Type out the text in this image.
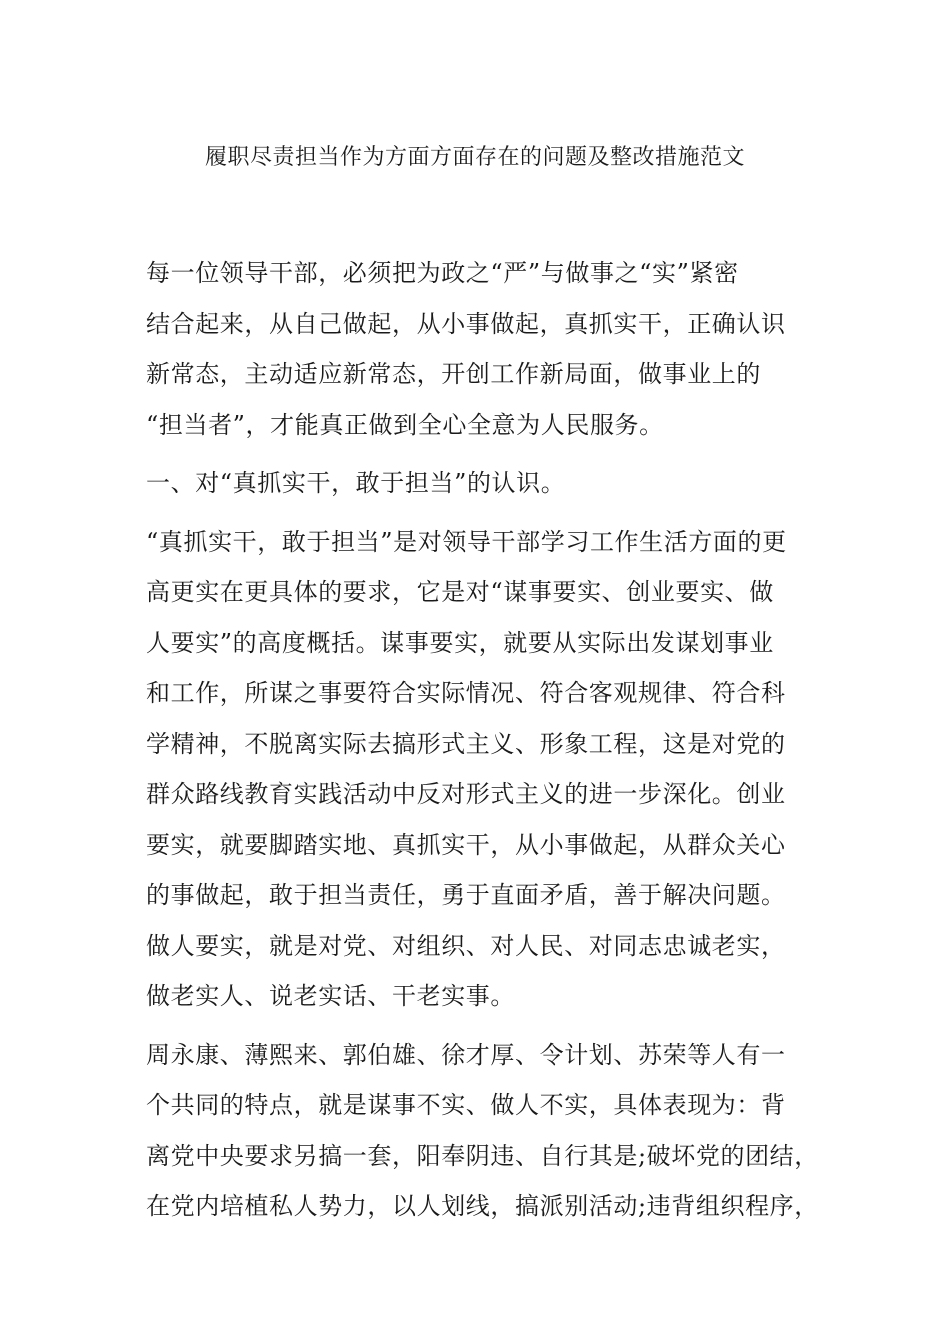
履职尽责担当作为方面方面存在的问题及整改措施范文
每一位领导干部，必须把为政之“严”与做事之“实”紧密
结合起来，从自己做起，从小事做起，真抓实干，正确认识
新常态，主动适应新常态，开创工作新局面，做事业上的
“担当者”，才能真正做到全心全意为人民服务。
一、对“真抓实干，敢于担当”的认识。
“真抓实干，敢于担当”是对领导干部学习工作生活方面的更
高更实在更具体的要求，它是对“谋事要实、创业要实、做
人要实”的高度概括。谋事要实，就要从实际出发谋划事业
和工作，所谋之事要符合实际情况、符合客观规律、符合科
学精神，不脱离实际去搞形式主义、形象工程，这是对党的
群众路线教育实践活动中反对形式主义的进一步深化。创业
要实，就要脚踏实地、真抓实干，从小事做起，从群众关心
的事做起，敢于担当责任，勇于直面矛盾，善于解决问题。
做人要实，就是对党、对组织、对人民、对同志忠诚老实，
做老实人、说老实话、干老实事。
周永康、薄熙来、郭伯雄、徐才厚、令计划、苏荣等人有一
个共同的特点，就是谋事不实、做人不实，具体表现为：背
离党中央要求另搞一套，阳奉阴违、自行其是;破坏党的团结，
在党内培植私人势力，以人划线，搞派别活动;违背组织程序，
